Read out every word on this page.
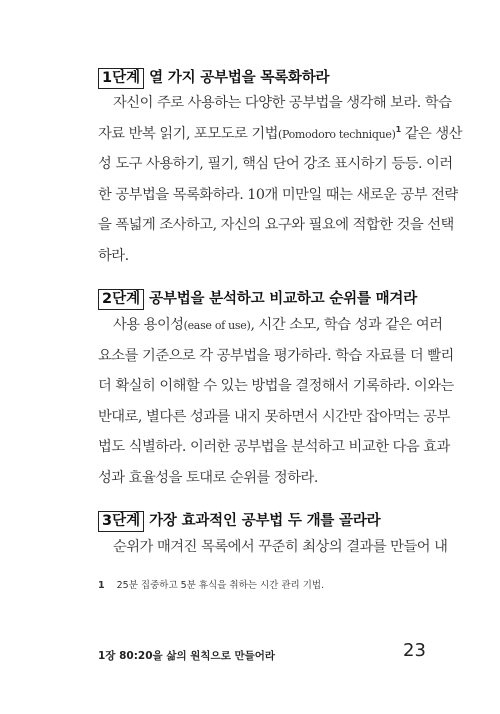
1단계 열 가지 공부법을 목록화하라
자신이 주로 사용하는 다양한 공부법을 생각해 보라. 학습
자료 반복 읽기, 포모도로 기법(Pomodoro technique)$^1$ 같은 생산
성 도구 사용하기, 필기, 핵심 단어 강조 표시하기 등등. 이러
한 공부법을 목록화하라. 10개 미만일 때는 새로운 공부 전략
을 폭넓게 조사하고, 자신의 요구와 필요에 적합한 것을 선택
하라.
2단계 공부법을 분석하고 비교하고 순위를 매겨라
사용 용이성(ease of use), 시간 소모, 학습 성과 같은 여러
요소를 기준으로 각 공부법을 평가하라. 학습 자료를 더 빨리
더 확실히 이해할 수 있는 방법을 결정해서 기록하라. 이와는
반대로, 별다른 성과를 내지 못하면서 시간만 잡아먹는 공부
법도 식별하라. 이러한 공부법을 분석하고 비교한 다음 효과
성과 효율성을 토대로 순위를 정하라.
3단계 가장 효과적인 공부법 두 개를 골라라
순위가 매겨진 목록에서 꾸준히 최상의 결과를 만들어 내
1 25분 집중하고 5분 휴식을 취하는 시간 관리 기법.
1장 80:20을 삶의 원칙으로 만들어라	23
